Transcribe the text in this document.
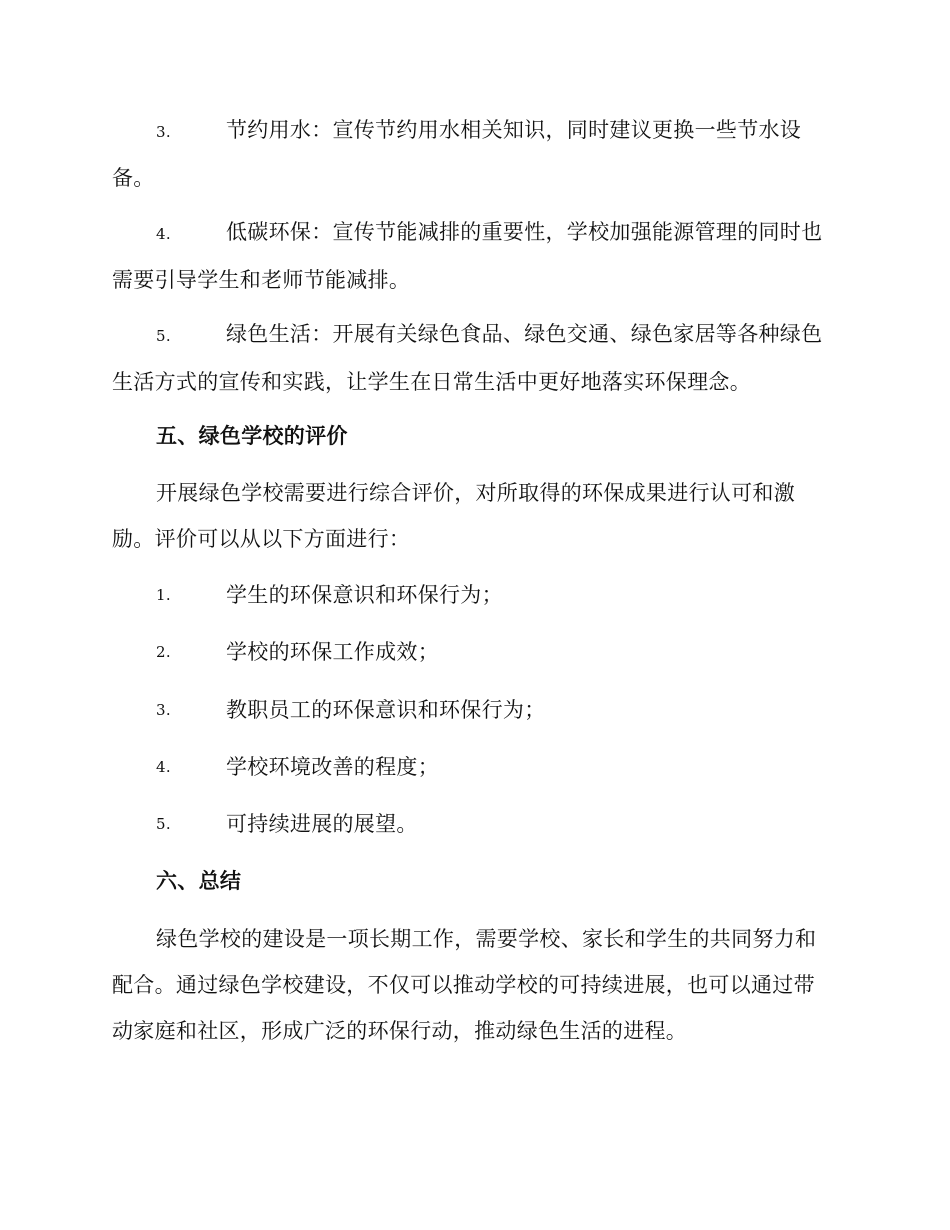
3.	节约用水：宣传节约用水相关知识，同时建议更换一些节水设备。
4.	低碳环保：宣传节能减排的重要性，学校加强能源管理的同时也需要引导学生和老师节能减排。
5.	绿色生活：开展有关绿色食品、绿色交通、绿色家居等各种绿色生活方式的宣传和实践，让学生在日常生活中更好地落实环保理念。
五、绿色学校的评价

开展绿色学校需要进行综合评价，对所取得的环保成果进行认可和激励。评价可以从以下方面进行：

1.	学生的环保意识和环保行为；
2.	学校的环保工作成效；
3.	教职员工的环保意识和环保行为；
4.	学校环境改善的程度；
5.	可持续进展的展望。
六、总结

绿色学校的建设是一项长期工作，需要学校、家长和学生的共同努力和配合。通过绿色学校建设，不仅可以推动学校的可持续进展，也可以通过带动家庭和社区，形成广泛的环保行动，推动绿色生活的进程。
